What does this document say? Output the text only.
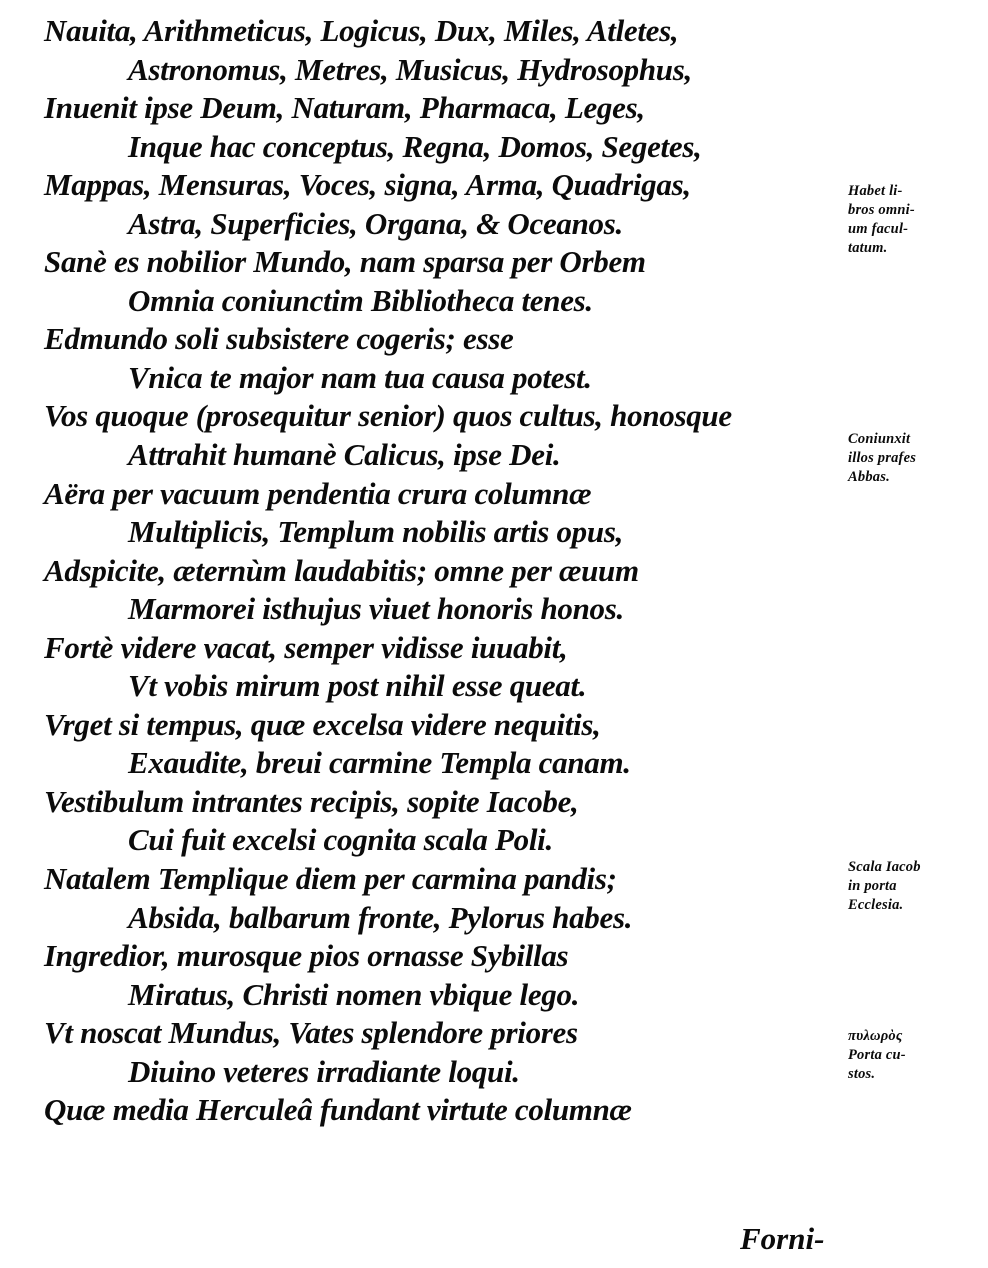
Nauita, Arithmeticus, Logicus, Dux, Miles, Atletes,
Astronomus, Metres, Musicus, Hydrosophus,
Inuenit ipse Deum, Naturam, Pharmaca, Leges,
Inque hac conceptus, Regna, Domos, Segetes,
Mappas, Mensuras, Voces, signa, Arma, Quadrigas,
Astra, Superficies, Organa, & Oceanos.
Sanè es nobilior Mundo, nam sparsa per Orbem
Omnia coniunctim Bibliotheca tenes.
Edmundo soli subsistere cogeris; esse
Vnica te major nam tua causa potest.
Vos quoque (prosequitur senior) quos cultus, honosque
Attrahit humanè Calicus, ipse Dei.
Aëra per vacuum pendentia crura columnæ
Multiplicis, Templum nobilis artis opus,
Adspicite, æternùm laudabitis; omne per æuum
Marmorei isthujus viuet honoris honos.
Fortè videre vacat, semper vidisse iuuabit,
Vt vobis mirum post nihil esse queat.
Vrget si tempus, quæ excelsa videre nequitis,
Exaudite, breui carmine Templa canam.
Vestibulum intrantes recipis, sopite Iacobe,
Cui fuit excelsi cognita scala Poli.
Natalem Templique diem per carmina pandis;
Absida, balbarum fronte, Pylorus habes.
Ingredior, murosque pios ornasse Sybillas
Miratus, Christi nomen vbique lego.
Vt noscat Mundus, Vates splendore priores
Diuino veteres irradiante loqui.
Quæ media Herculeâ fundant virtute columnæ
Habet li-
bros omni-
um facul-
tatum.
Coniunxit
illos prafes
Abbas.
Scala Iacob
in porta
Ecclesia.
πυλωρὸς
Porta cu-
stos.
Forni-
